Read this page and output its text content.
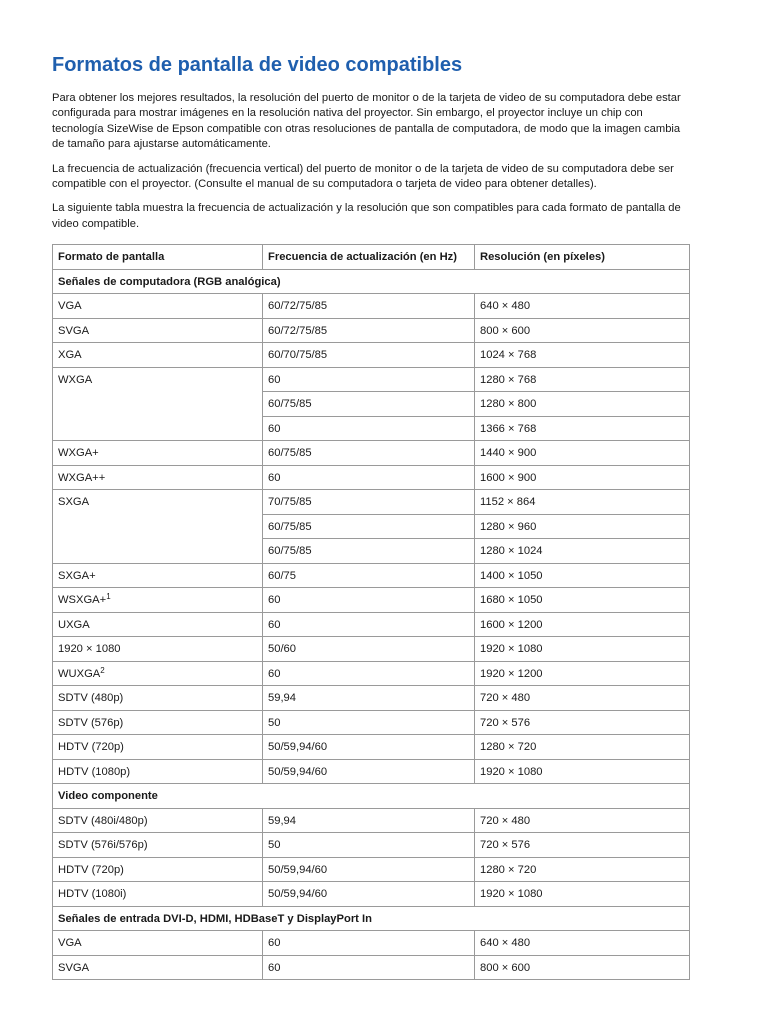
Formatos de pantalla de video compatibles

Para obtener los mejores resultados, la resolución del puerto de monitor o de la tarjeta de video de su computadora debe estar configurada para mostrar imágenes en la resolución nativa del proyector. Sin embargo, el proyector incluye un chip con tecnología SizeWise de Epson compatible con otras resoluciones de pantalla de computadora, de modo que la imagen cambia de tamaño para ajustarse automáticamente.

La frecuencia de actualización (frecuencia vertical) del puerto de monitor o de la tarjeta de video de su computadora debe ser compatible con el proyector. (Consulte el manual de su computadora o tarjeta de video para obtener detalles).

La siguiente tabla muestra la frecuencia de actualización y la resolución que son compatibles para cada formato de pantalla de video compatible.

Formato de pantalla	Frecuencia de actualización (en Hz)	Resolución (en píxeles)
Señales de computadora (RGB analógica)		
VGA	60/72/75/85	640 × 480
SVGA	60/72/75/85	800 × 600
XGA	60/70/75/85	1024 × 768
WXGA	60	1280 × 768
	60/75/85	1280 × 800
	60	1366 × 768
WXGA+	60/75/85	1440 × 900
WXGA++	60	1600 × 900
SXGA	70/75/85	1152 × 864
	60/75/85	1280 × 960
	60/75/85	1280 × 1024
SXGA+	60/75	1400 × 1050
WSXGA+$^1$	60	1680 × 1050
UXGA	60	1600 × 1200
1920 × 1080	50/60	1920 × 1080
WUXGA$^2$	60	1920 × 1200
SDTV (480p)	59,94	720 × 480
SDTV (576p)	50	720 × 576
HDTV (720p)	50/59,94/60	1280 × 720
HDTV (1080p)	50/59,94/60	1920 × 1080
Video componente		
SDTV (480i/480p)	59,94	720 × 480
SDTV (576i/576p)	50	720 × 576
HDTV (720p)	50/59,94/60	1280 × 720
HDTV (1080i)	50/59,94/60	1920 × 1080
Señales de entrada DVI-D, HDMI, HDBaseT y DisplayPort In		
VGA	60	640 × 480
SVGA	60	800 × 600
